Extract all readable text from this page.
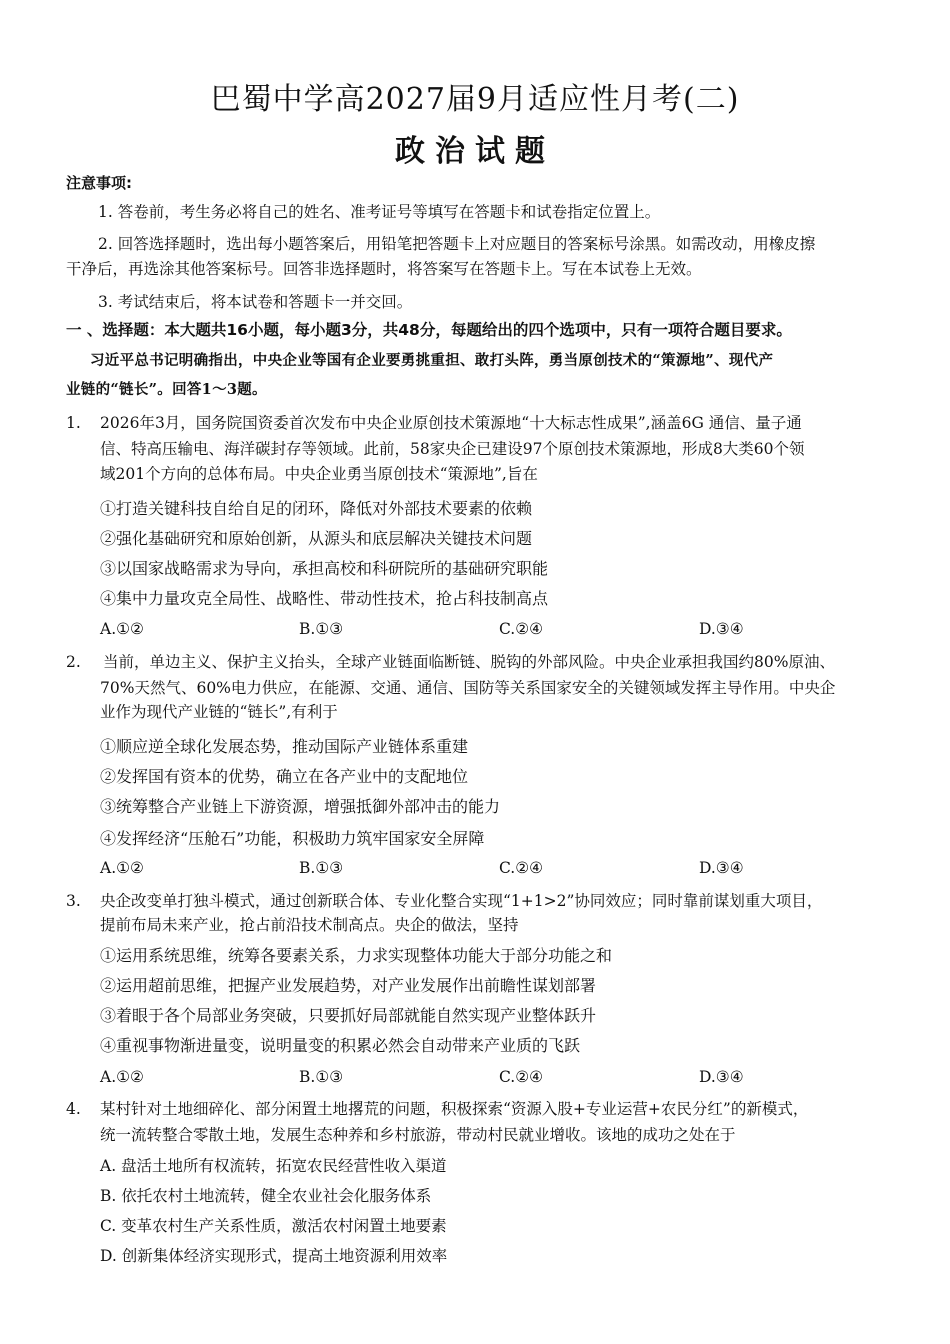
巴蜀中学高2027届9月适应性月考(二)
政治试题
注意事项:
1. 答卷前，考生务必将自己的姓名、准考证号等填写在答题卡和试卷指定位置上。
2. 回答选择题时，选出每小题答案后，用铅笔把答题卡上对应题目的答案标号涂黑。如需改动，用橡皮擦
干净后，再选涂其他答案标号。回答非选择题时，将答案写在答题卡上。写在本试卷上无效。
3. 考试结束后，将本试卷和答题卡一并交回。
一 、选择题：本大题共16小题，每小题3分，共48分，每题给出的四个选项中，只有一项符合题目要求。
习近平总书记明确指出，中央企业等国有企业要勇挑重担、敢打头阵，勇当原创技术的“策源地”、现代产
业链的“链长”。回答1～3题。
1. 2026年3月，国务院国资委首次发布中央企业原创技术策源地“十大标志性成果”,涵盖6G 通信、量子通
信、特高压输电、海洋碳封存等领域。此前，58家央企已建设97个原创技术策源地，形成8大类60个领
域201个方向的总体布局。中央企业勇当原创技术“策源地”,旨在
①打造关键科技自给自足的闭环，降低对外部技术要素的依赖
②强化基础研究和原始创新，从源头和底层解决关键技术问题
③以国家战略需求为导向，承担高校和科研院所的基础研究职能
④集中力量攻克全局性、战略性、带动性技术，抢占科技制高点
A.①②	B.①③	C.②④	D.③④
2. 当前，单边主义、保护主义抬头，全球产业链面临断链、脱钩的外部风险。中央企业承担我国约80%原油、
70%天然气、60%电力供应，在能源、交通、通信、国防等关系国家安全的关键领域发挥主导作用。中央企
业作为现代产业链的“链长”,有利于
①顺应逆全球化发展态势，推动国际产业链体系重建
②发挥国有资本的优势，确立在各产业中的支配地位
③统筹整合产业链上下游资源，增强抵御外部冲击的能力
④发挥经济“压舱石”功能，积极助力筑牢国家安全屏障
A.①②	B.①③	C.②④	D.③④
3. 央企改变单打独斗模式，通过创新联合体、专业化整合实现“1+1>2”协同效应；同时靠前谋划重大项目，
提前布局未来产业，抢占前沿技术制高点。央企的做法，坚持
①运用系统思维，统筹各要素关系，力求实现整体功能大于部分功能之和
②运用超前思维，把握产业发展趋势，对产业发展作出前瞻性谋划部署
③着眼于各个局部业务突破，只要抓好局部就能自然实现产业整体跃升
④重视事物渐进量变，说明量变的积累必然会自动带来产业质的飞跃
A.①②	B.①③	C.②④	D.③④
4. 某村针对土地细碎化、部分闲置土地撂荒的问题，积极探索“资源入股+专业运营+农民分红”的新模式，
统一流转整合零散土地，发展生态种养和乡村旅游，带动村民就业增收。该地的成功之处在于
A. 盘活土地所有权流转，拓宽农民经营性收入渠道
B. 依托农村土地流转，健全农业社会化服务体系
C. 变革农村生产关系性质，激活农村闲置土地要素
D. 创新集体经济实现形式，提高土地资源利用效率
